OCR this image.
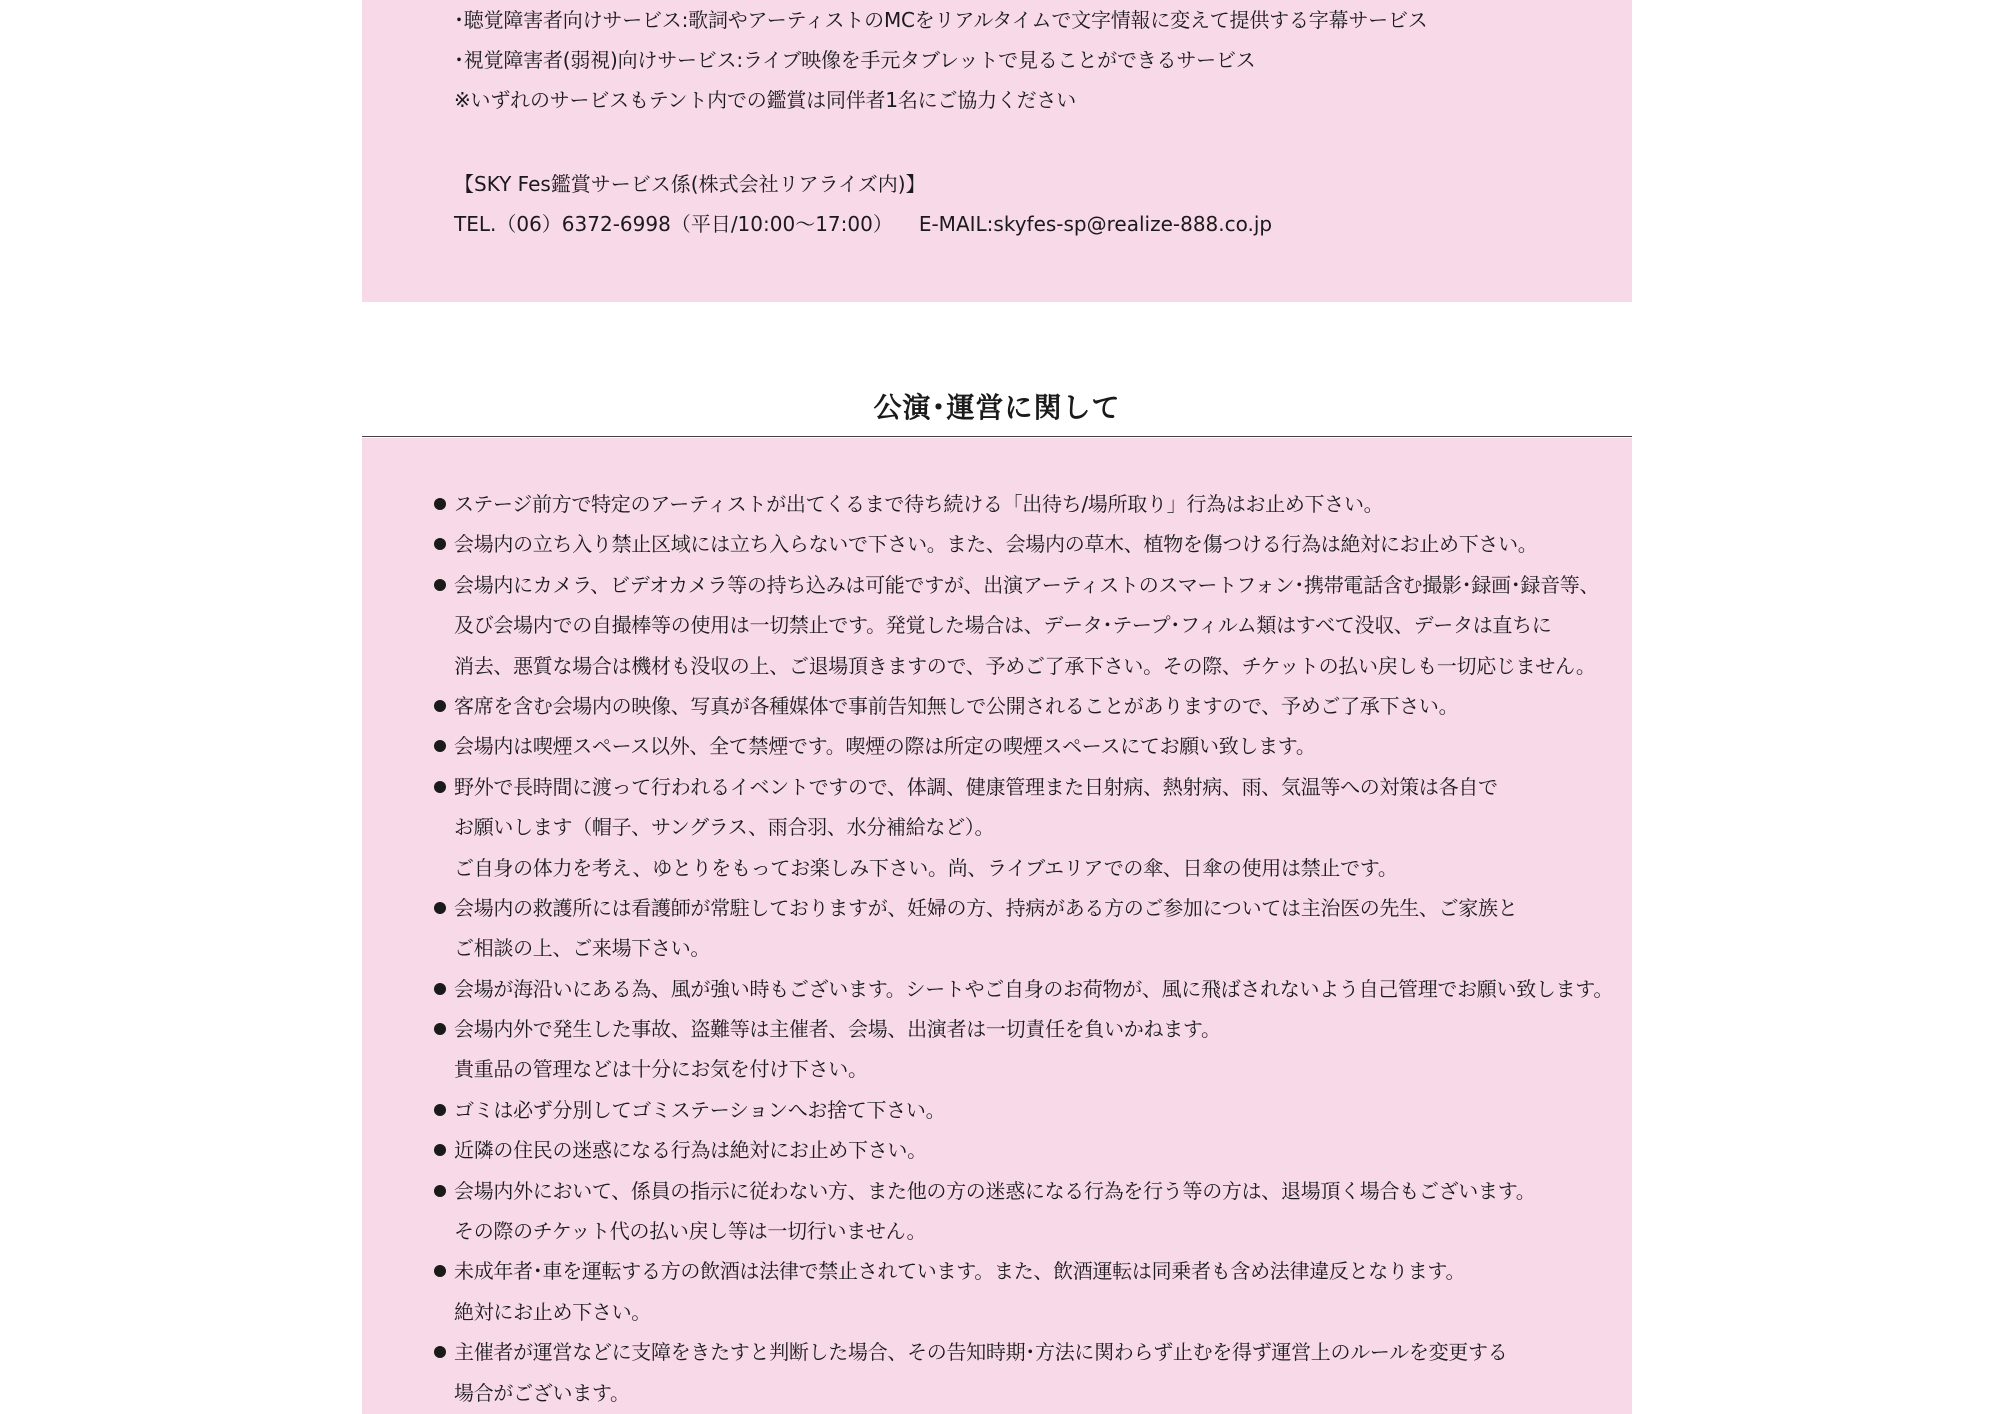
･聴覚障害者向けサービス:歌詞やアーティストのMCをリアルタイムで文字情報に変えて提供する字幕サービス
･視覚障害者(弱視)向けサービス:ライブ映像を手元タブレットで見ることができるサービス
※いずれのサービスもテント内での鑑賞は同伴者1名にご協力ください
【SKY Fes鑑賞サービス係(株式会社リアライズ内)】
TEL.（06）6372-6998（平日/10:00～17:00） E-MAIL:skyfes-sp@realize-888.co.jp
公演･運営に関して
ステージ前方で特定のアーティストが出てくるまで待ち続ける「出待ち/場所取り」行為はお止め下さい。
会場内の立ち入り禁止区域には立ち入らないで下さい。また、会場内の草木、植物を傷つける行為は絶対にお止め下さい。
会場内にカメラ、ビデオカメラ等の持ち込みは可能ですが、出演アーティストのスマートフォン･携帯電話含む撮影･録画･録音等、
及び会場内での自撮棒等の使用は一切禁止です。発覚した場合は、データ･テープ･フィルム類はすべて没収、データは直ちに
消去、悪質な場合は機材も没収の上、ご退場頂きますので、予めご了承下さい。その際、チケットの払い戻しも一切応じません。
客席を含む会場内の映像、写真が各種媒体で事前告知無しで公開されることがありますので、予めご了承下さい。
会場内は喫煙スペース以外、全て禁煙です。喫煙の際は所定の喫煙スペースにてお願い致します。
野外で長時間に渡って行われるイベントですので、体調、健康管理また日射病、熱射病、雨、気温等への対策は各自で
お願いします（帽子、サングラス、雨合羽、水分補給など）。
ご自身の体力を考え、ゆとりをもってお楽しみ下さい。尚、ライブエリアでの傘、日傘の使用は禁止です。
会場内の救護所には看護師が常駐しておりますが、妊婦の方、持病がある方のご参加については主治医の先生、ご家族と
ご相談の上、ご来場下さい。
会場が海沿いにある為、風が強い時もございます。シートやご自身のお荷物が、風に飛ばされないよう自己管理でお願い致します。
会場内外で発生した事故、盗難等は主催者、会場、出演者は一切責任を負いかねます。
貴重品の管理などは十分にお気を付け下さい。
ゴミは必ず分別してゴミステーションへお捨て下さい。
近隣の住民の迷惑になる行為は絶対にお止め下さい。
会場内外において、係員の指示に従わない方、また他の方の迷惑になる行為を行う等の方は、退場頂く場合もございます。
その際のチケット代の払い戻し等は一切行いません。
未成年者･車を運転する方の飲酒は法律で禁止されています。また、飲酒運転は同乗者も含め法律違反となります。
絶対にお止め下さい。
主催者が運営などに支障をきたすと判断した場合、その告知時期･方法に関わらず止むを得ず運営上のルールを変更する
場合がございます。
